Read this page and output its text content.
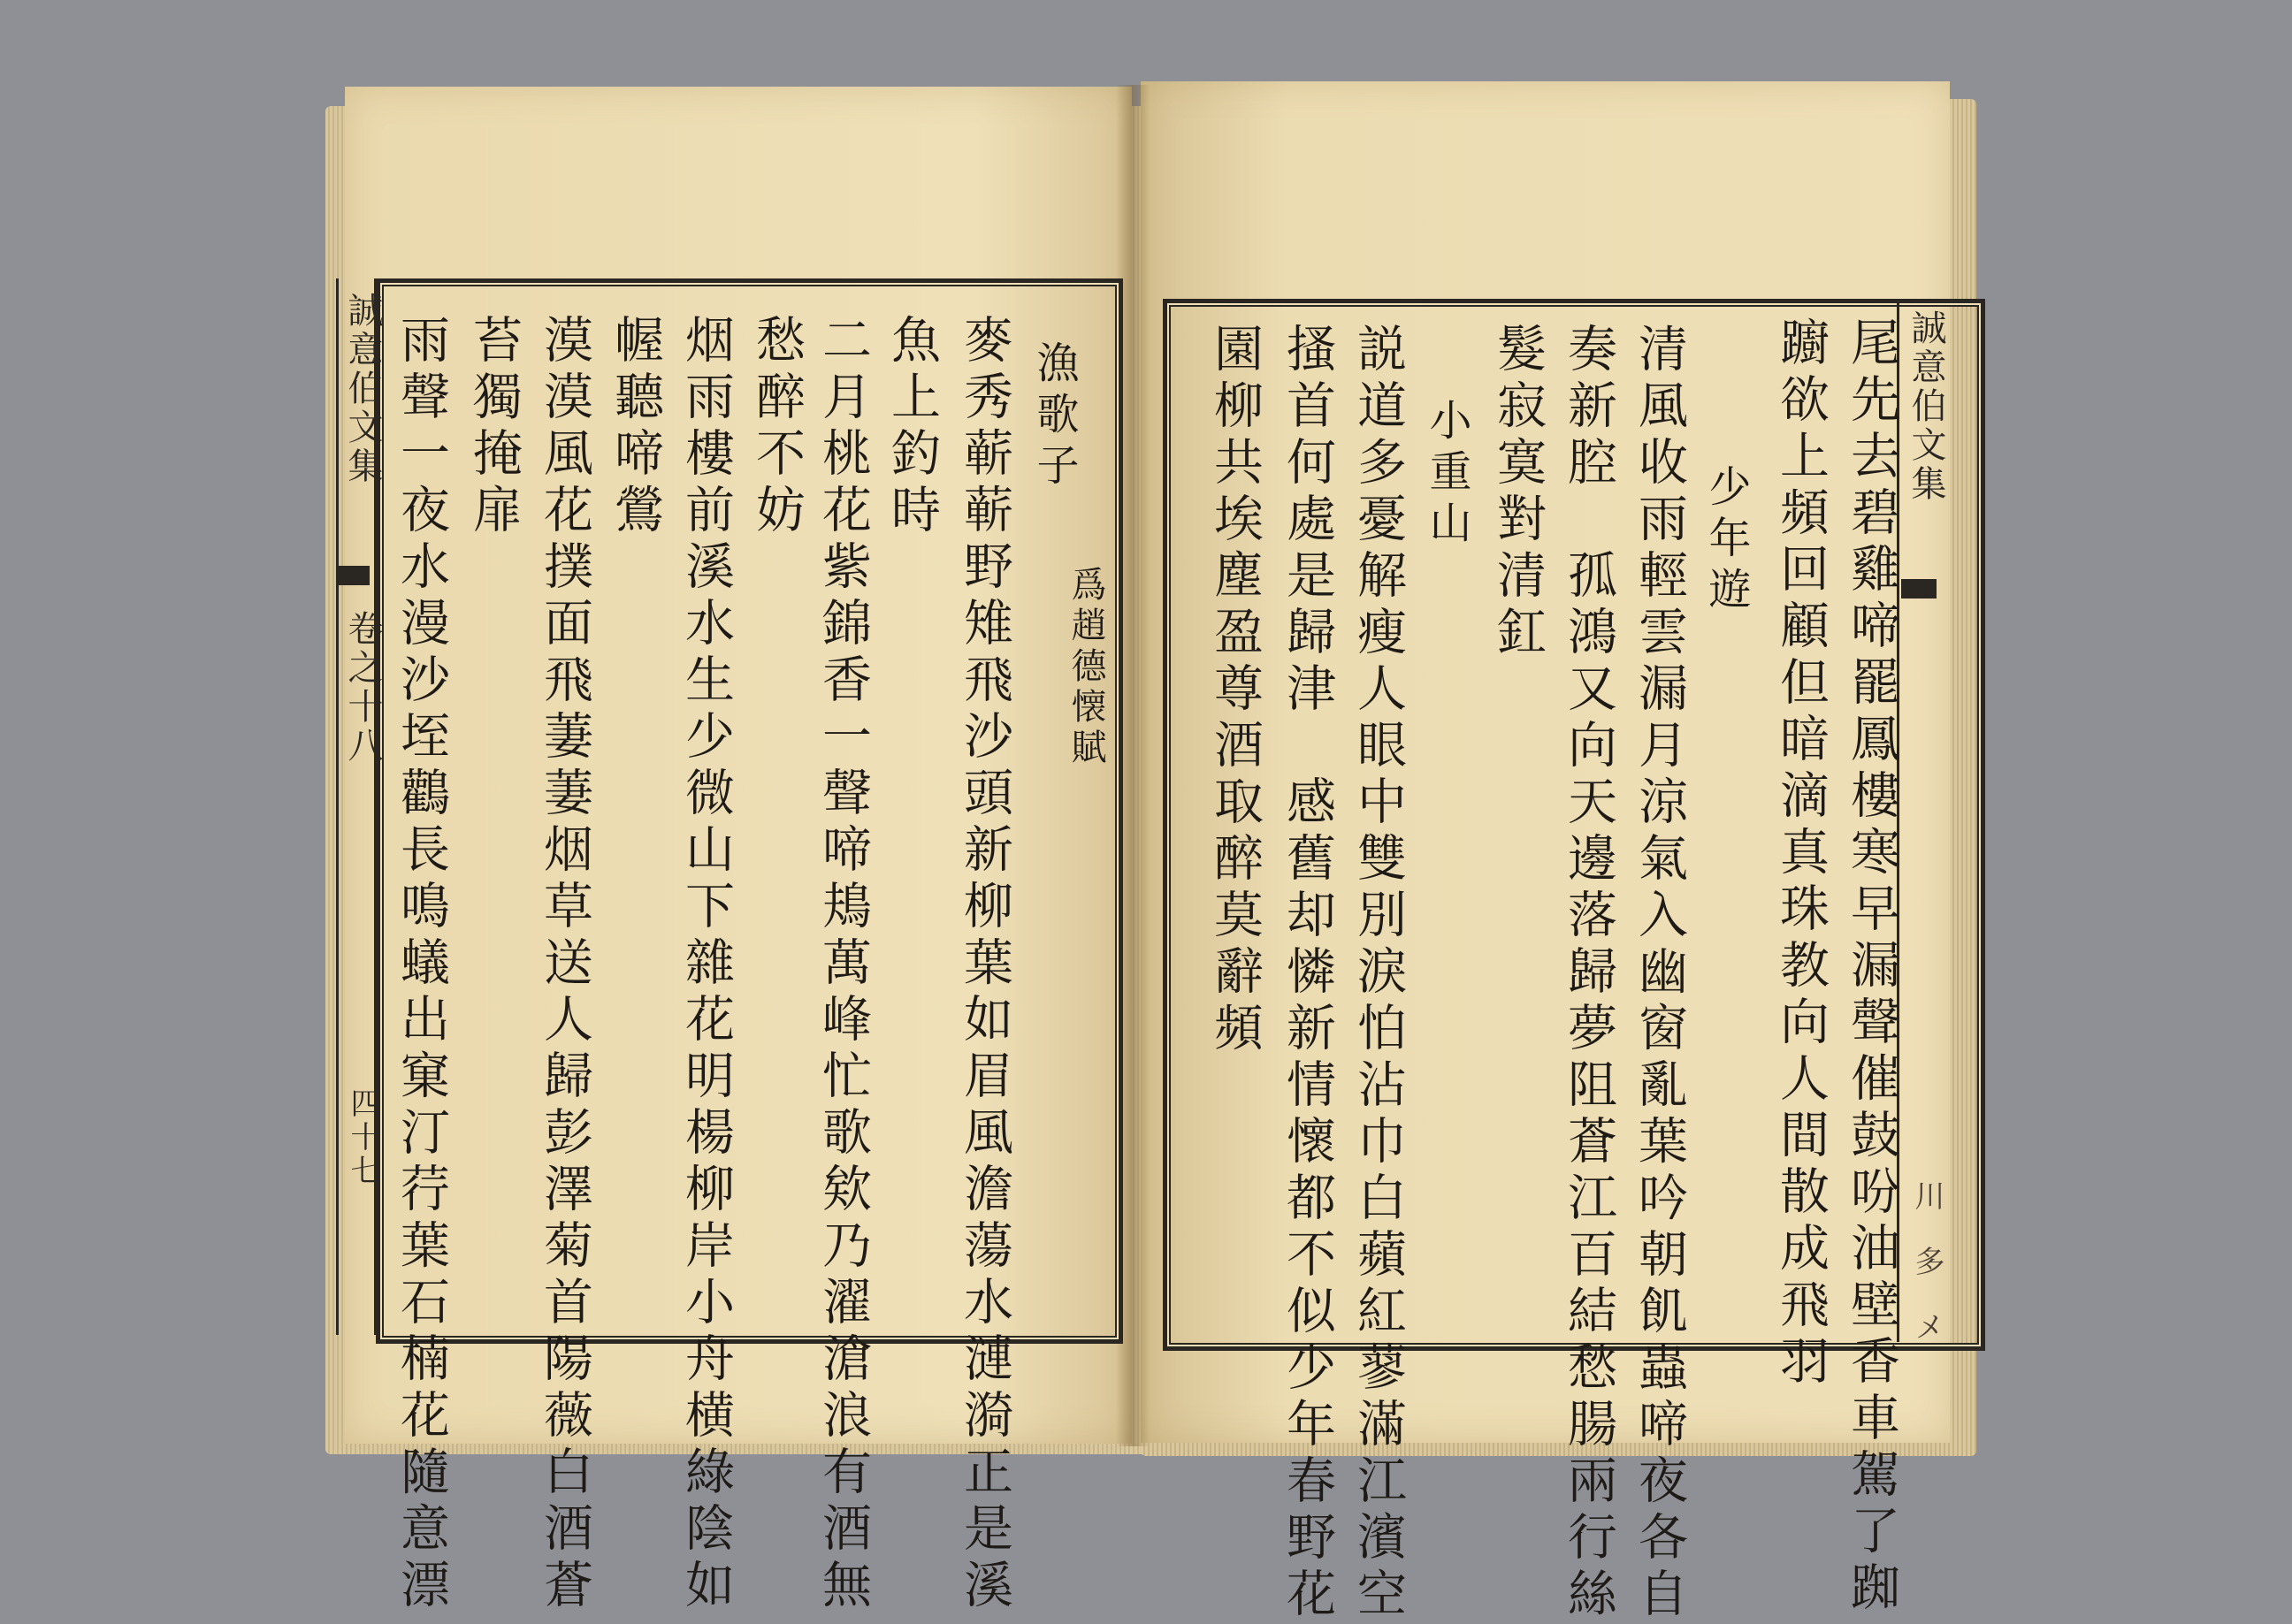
誠意伯文集
卷之十八
四十七
誠意伯文集
川 多 メ
漁歌子
爲趙德懐賦
麥秀蕲蕲野雉飛沙頭新柳葉如眉風澹蕩水漣漪正是溪
魚上釣時
二月桃花紫錦香一聲啼鳺萬峰忙歌欸乃濯滄浪有酒無
愁醉不妨
烟雨樓前溪水生少微山下雜花明楊柳岸小舟横綠陰如
幄聽啼鶯
漠漠風花撲面飛萋萋烟草送人歸彭澤菊首陽薇白酒蒼
苔獨掩扉
雨聲一夜水漫沙垤鸛長鳴蟻出窠汀荇葉石楠花隨意漂	尾先去碧雞啼罷鳳樓寒早漏聲催鼓吩油壁香車駕了踟
躕欲上頻回顧但暗滴真珠教向人間散成飛羽
少年遊
清風收雨輕雲漏月涼氣入幽窗亂葉吟朝飢蟲啼夜各自
奏新腔　孤鴻又向天邊落歸夢阻蒼江百結愁腸兩行絲
髮寂寞對清釭
小重山
説道多憂解瘦人眼中雙別淚怕沾巾白蘋紅蓼滿江濱空
搔首何處是歸津　感舊却憐新情懷都不似少年春野花
園柳共埃塵盈尊酒取醉莫辭頻
